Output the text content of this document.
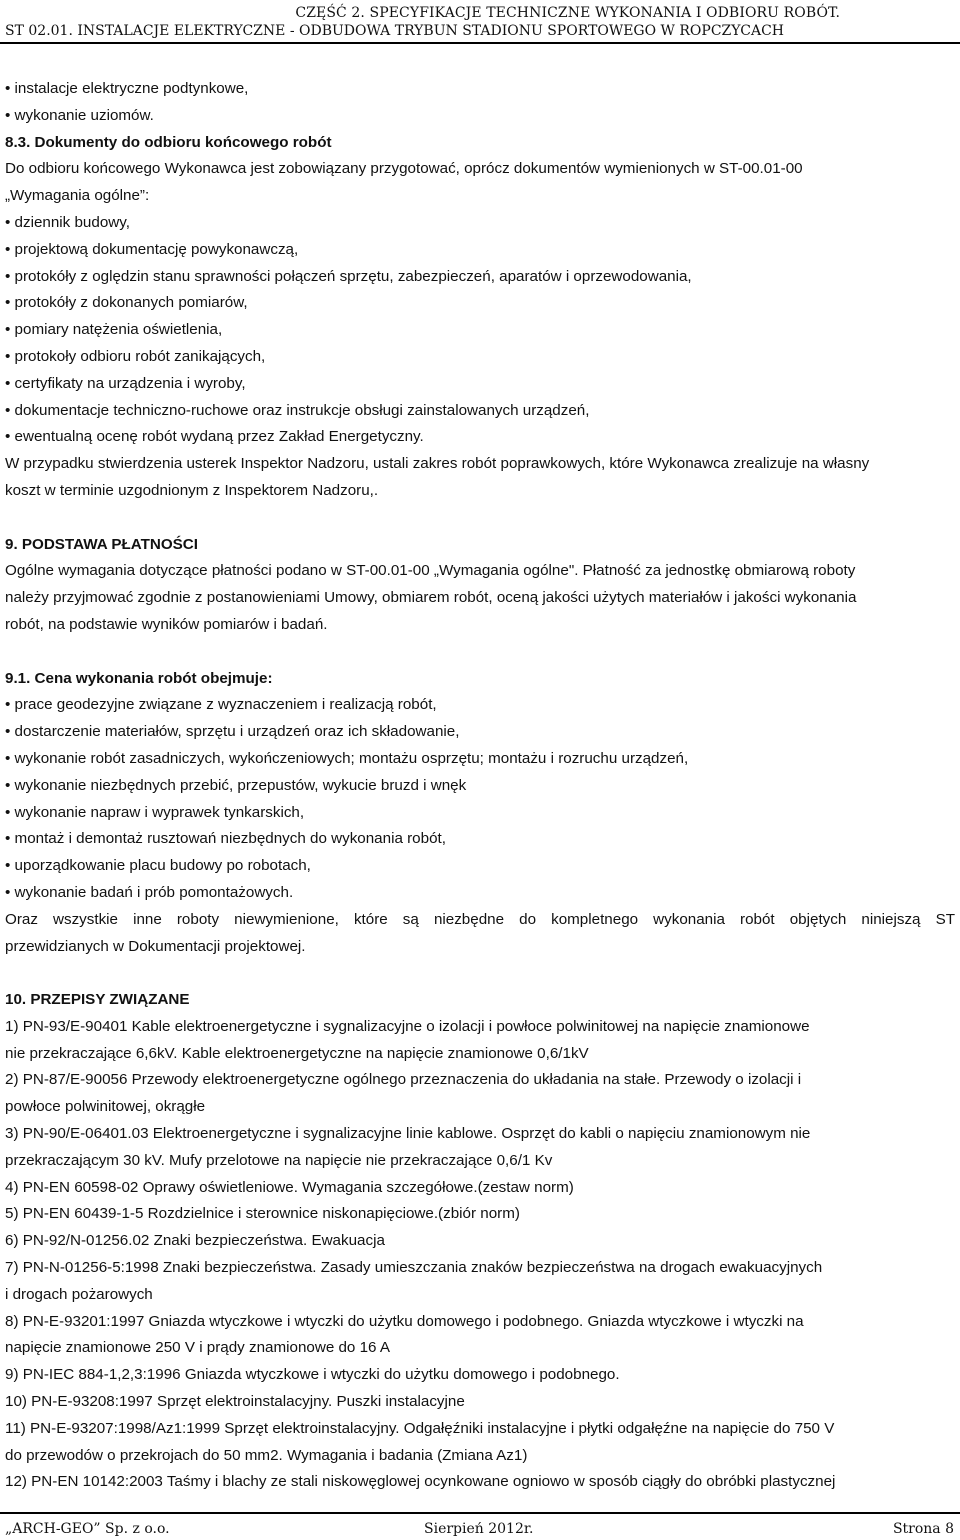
CZĘŚĆ 2. SPECYFIKACJE TECHNICZNE WYKONANIA I ODBIORU ROBÓT.
ST 02.01. INSTALACJE ELEKTRYCZNE - ODBUDOWA TRYBUN STADIONU SPORTOWEGO W ROPCZYCACH
• instalacje elektryczne podtynkowe,
• wykonanie uziomów.
8.3. Dokumenty do odbioru końcowego robót
Do odbioru końcowego Wykonawca jest zobowiązany przygotować, oprócz dokumentów wymienionych w ST-00.01-00
„Wymagania ogólne”:
• dziennik budowy,
• projektową dokumentację powykonawczą,
• protokóły z oględzin stanu sprawności połączeń sprzętu, zabezpieczeń, aparatów i oprzewodowania,
• protokóły z dokonanych pomiarów,
• pomiary natężenia oświetlenia,
• protokoły odbioru robót zanikających,
• certyfikaty na urządzenia i wyroby,
• dokumentacje techniczno-ruchowe oraz instrukcje obsługi zainstalowanych urządzeń,
• ewentualną ocenę robót wydaną przez Zakład Energetyczny.
W przypadku stwierdzenia usterek Inspektor Nadzoru, ustali zakres robót poprawkowych, które Wykonawca zrealizuje na własny
koszt w terminie uzgodnionym z Inspektorem Nadzoru,.
9. PODSTAWA PŁATNOŚCI
Ogólne wymagania dotyczące płatności podano w ST-00.01-00 „Wymagania ogólne". Płatność za jednostkę obmiarową roboty
należy przyjmować zgodnie z postanowieniami Umowy, obmiarem robót, oceną jakości użytych materiałów i jakości wykonania
robót, na podstawie wyników pomiarów i badań.
9.1. Cena wykonania robót obejmuje:
• prace geodezyjne związane z wyznaczeniem i realizacją robót,
• dostarczenie materiałów, sprzętu i urządzeń oraz ich składowanie,
• wykonanie robót zasadniczych, wykończeniowych; montażu osprzętu; montażu i rozruchu urządzeń,
• wykonanie niezbędnych przebić, przepustów, wykucie bruzd i wnęk
• wykonanie napraw i wyprawek tynkarskich,
• montaż i demontaż rusztowań niezbędnych do wykonania robót,
• uporządkowanie placu budowy po robotach,
• wykonanie badań i prób pomontażowych.
Oraz wszystkie inne roboty niewymienione, które są niezbędne do kompletnego wykonania robót objętych niniejszą ST
przewidzianych w Dokumentacji projektowej.
10. PRZEPISY ZWIĄZANE
1) PN-93/E-90401 Kable elektroenergetyczne i sygnalizacyjne o izolacji i powłoce polwinitowej na napięcie znamionowe
nie przekraczające 6,6kV. Kable elektroenergetyczne na napięcie znamionowe 0,6/1kV
2) PN-87/E-90056 Przewody elektroenergetyczne ogólnego przeznaczenia do układania na stałe. Przewody o izolacji i
powłoce polwinitowej, okrągłe
3) PN-90/E-06401.03 Elektroenergetyczne i sygnalizacyjne linie kablowe. Osprzęt do kabli o napięciu znamionowym nie
przekraczającym 30 kV. Mufy przelotowe na napięcie nie przekraczające 0,6/1 Kv
4) PN-EN 60598-02 Oprawy oświetleniowe. Wymagania szczegółowe.(zestaw norm)
5) PN-EN 60439-1-5 Rozdzielnice i sterownice niskonapięciowe.(zbiór norm)
6) PN-92/N-01256.02 Znaki bezpieczeństwa. Ewakuacja
7) PN-N-01256-5:1998 Znaki bezpieczeństwa. Zasady umieszczania znaków bezpieczeństwa na drogach ewakuacyjnych
i drogach pożarowych
8) PN-E-93201:1997 Gniazda wtyczkowe i wtyczki do użytku domowego i podobnego. Gniazda wtyczkowe i wtyczki na
napięcie znamionowe 250 V i prądy znamionowe do 16 A
9) PN-IEC 884-1,2,3:1996 Gniazda wtyczkowe i wtyczki do użytku domowego i podobnego.
10) PN-E-93208:1997 Sprzęt elektroinstalacyjny. Puszki instalacyjne
11) PN-E-93207:1998/Az1:1999 Sprzęt elektroinstalacyjny. Odgałęźniki instalacyjne i płytki odgałęźne na napięcie do 750 V
do przewodów o przekrojach do 50 mm2. Wymagania i badania (Zmiana Az1)
12) PN-EN 10142:2003 Taśmy i blachy ze stali niskowęglowej ocynkowane ogniowo w sposób ciągły do obróbki plastycznej
„ARCH-GEO” Sp. z o.o.	Sierpień 2012r.	Strona 8
